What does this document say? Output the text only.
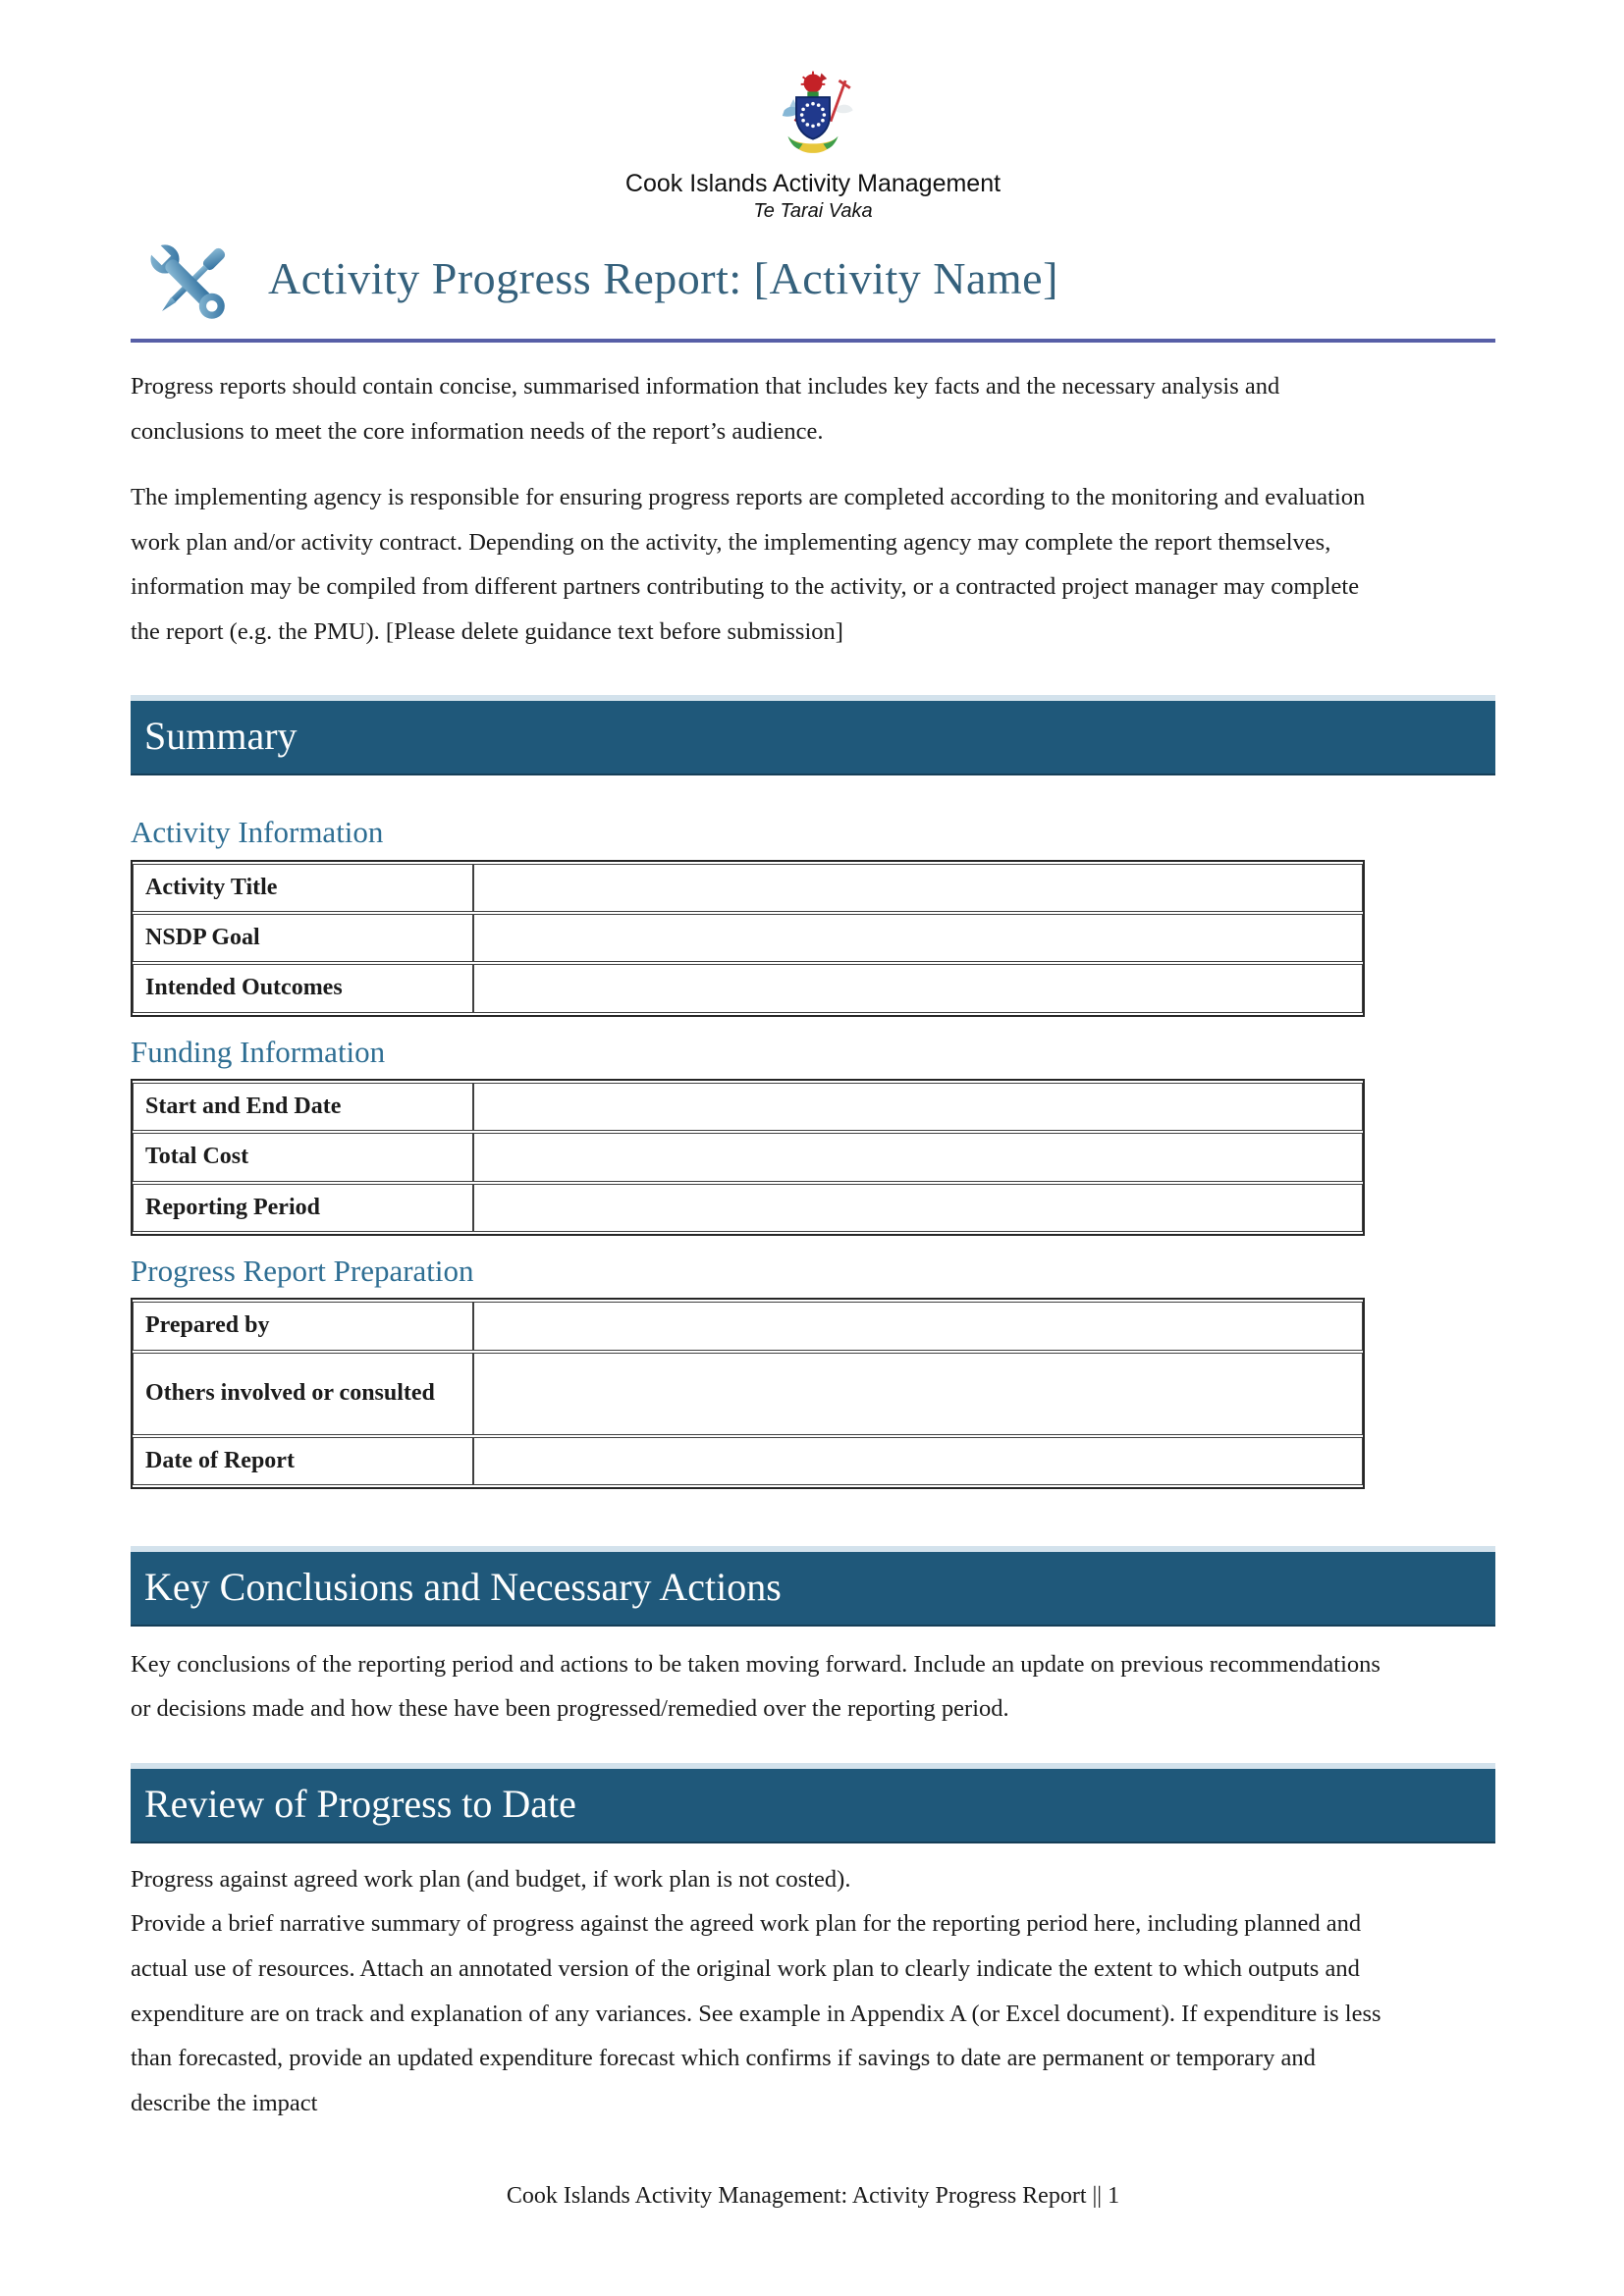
Cook Islands Activity Management
Te Tarai Vaka
Activity Progress Report: [Activity Name]

Progress reports should contain concise, summarised information that includes key facts and the necessary analysis and conclusions to meet the core information needs of the report’s audience.

The implementing agency is responsible for ensuring progress reports are completed according to the monitoring and evaluation work plan and/or activity contract. Depending on the activity, the implementing agency may complete the report themselves, information may be compiled from different partners contributing to the activity, or a contracted project manager may complete the report (e.g. the PMU). [Please delete guidance text before submission]

Summary
Activity Information
Activity Title	
NSDP Goal	
Intended Outcomes	
Funding Information
Start and End Date	
Total Cost	
Reporting Period	
Progress Report Preparation
Prepared by	
Others involved or consulted	
Date of Report	
Key Conclusions and Necessary Actions

Key conclusions of the reporting period and actions to be taken moving forward. Include an update on previous recommendations or decisions made and how these have been progressed/remedied over the reporting period.

Review of Progress to Date

Progress against agreed work plan (and budget, if work plan is not costed).

Provide a brief narrative summary of progress against the agreed work plan for the reporting period here, including planned and actual use of resources. Attach an annotated version of the original work plan to clearly indicate the extent to which outputs and expenditure are on track and explanation of any variances. See example in Appendix A (or Excel document). If expenditure is less than forecasted, provide an updated expenditure forecast which confirms if savings to date are permanent or temporary and describe the impact

Cook Islands Activity Management: Activity Progress Report || 1
